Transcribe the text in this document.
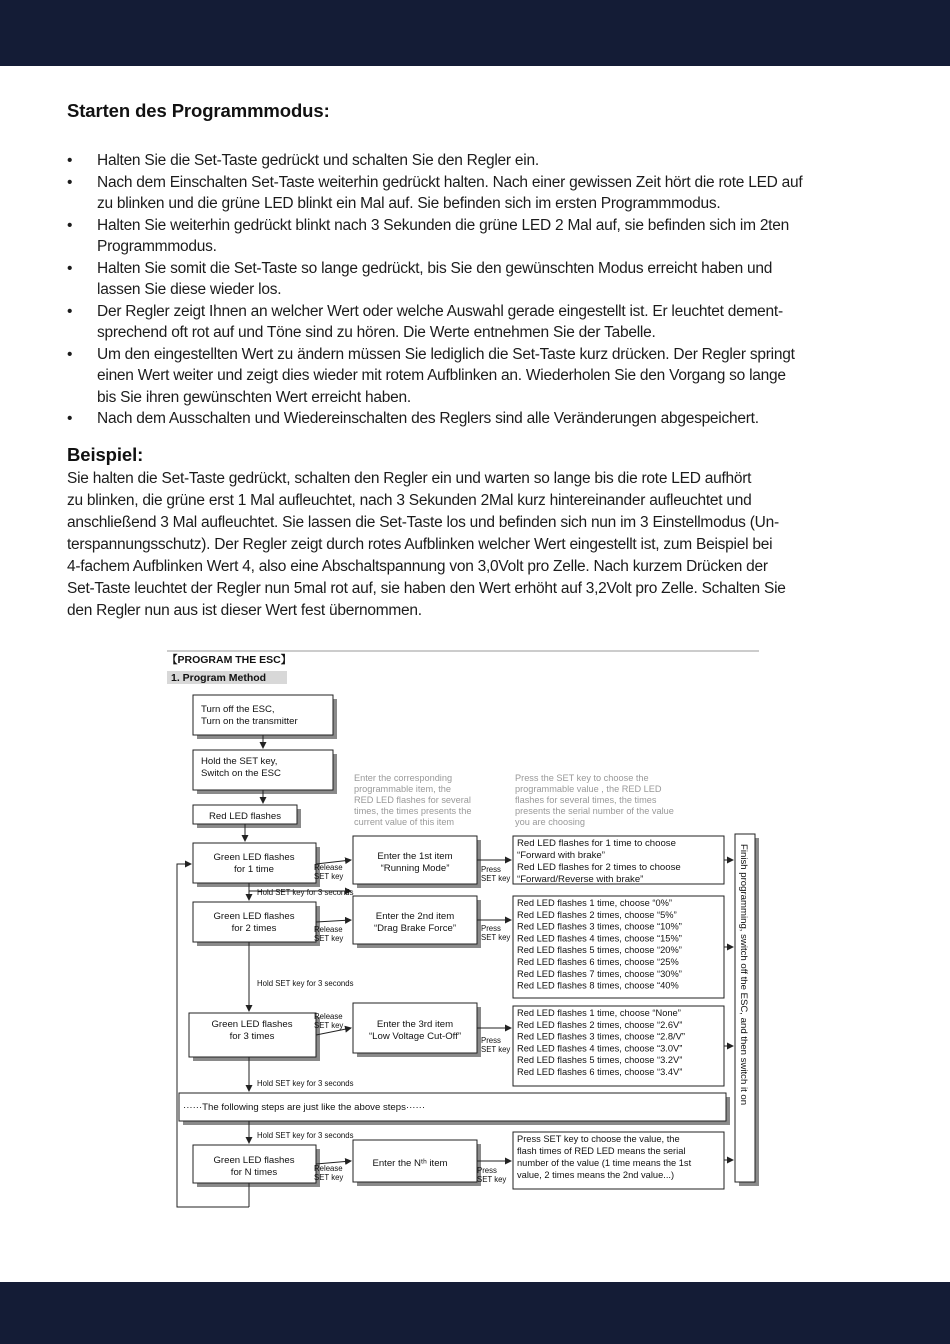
Starten des Programmmodus:
• Halten Sie die Set-Taste gedrückt und schalten Sie den Regler ein.
• Nach dem Einschalten Set-Taste weiterhin gedrückt halten. Nach einer gewissen Zeit hört die rote LED auf
zu blinken und die grüne LED blinkt ein Mal auf. Sie befinden sich im ersten Programmmodus.
• Halten Sie weiterhin gedrückt blinkt nach 3 Sekunden die grüne LED 2 Mal auf, sie befinden sich im 2ten
Programmmodus.
• Halten Sie somit die Set-Taste so lange gedrückt, bis Sie den gewünschten Modus erreicht haben und
lassen Sie diese wieder los.
• Der Regler zeigt Ihnen an welcher Wert oder welche Auswahl gerade eingestellt ist. Er leuchtet dement-
sprechend oft rot auf und Töne sind zu hören. Die Werte entnehmen Sie der Tabelle.
• Um den eingestellten Wert zu ändern müssen Sie lediglich die Set-Taste kurz drücken. Der Regler springt
einen Wert weiter und zeigt dies wieder mit rotem Aufblinken an. Wiederholen Sie den Vorgang so lange
bis Sie ihren gewünschten Wert erreicht haben.
• Nach dem Ausschalten und Wiedereinschalten des Reglers sind alle Veränderungen abgespeichert.
Beispiel:
Sie halten die Set-Taste gedrückt, schalten den Regler ein und warten so lange bis die rote LED aufhört
zu blinken, die grüne erst 1 Mal aufleuchtet, nach 3 Sekunden 2Mal kurz hintereinander aufleuchtet und
anschließend 3 Mal aufleuchtet. Sie lassen die Set-Taste los und befinden sich nun im 3 Einstellmodus (Un-
terspannungsschutz). Der Regler zeigt durch rotes Aufblinken welcher Wert eingestellt ist, zum Beispiel bei
4-fachem Aufblinken Wert 4, also eine Abschaltspannung von 3,0Volt pro Zelle. Nach kurzem Drücken der
Set-Taste leuchtet der Regler nun 5mal rot auf, sie haben den Wert erhöht auf 3,2Volt pro Zelle. Schalten Sie
den Regler nun aus ist dieser Wert fest übernommen.
【PROGRAM THE ESC】
1. Program Method
Finish programming, switch off the ESC, and then switch it on
Turn off the ESC,
Turn on the transmitter
Hold the SET key,
Switch on the ESC
Red LED flashes
Enter the corresponding
programmable item, the
RED LED flashes for several
times, the times presents the
current value of this item
Press the SET key to choose the
programmable value , the RED LED
flashes for several times, the times
presents the serial number of the value
you are choosing
Green LED flashes
for 1 time
Green LED flashes
for 2 times
Green LED flashes
for 3 times
Green LED flashes
for N times
Enter the 1st item
“Running Mode”
Enter the 2nd item
“Drag Brake Force”
Enter the 3rd item
“Low Voltage Cut-Off”
Enter the Nᵗʰ item
Red LED flashes for 1 time to choose
“Forward with brake”
Red LED flashes for 2 times to choose
“Forward/Reverse with brake”
Red LED flashes 1 time, choose “0%”
Red LED flashes 2 times, choose “5%”
Red LED flashes 3 times, choose “10%”
Red LED flashes 4 times, choose “15%”
Red LED flashes 5 times, choose “20%”
Red LED flashes 6 times, choose “25%
Red LED flashes 7 times, choose “30%”
Red LED flashes 8 times, choose “40%
Red LED flashes 1 time, choose “None”
Red LED flashes 2 times, choose “2.6V”
Red LED flashes 3 times, choose “2.8/V”
Red LED flashes 4 times, choose “3.0V”
Red LED flashes 5 times, choose “3.2V”
Red LED flashes 6 times, choose “3.4V”
Press SET key to choose the value, the
flash times of RED LED means the serial
number of the value (1 time means the 1st
value, 2 times means the 2nd value...)
······The following steps are just like the above steps······
Release
SET key
Release
SET key
Release
SET key
Release
SET key
Press
SET key
Press
SET key
Press
SET key
Press
SET key
Hold SET key for 3 seconds
Hold SET key for 3 seconds
Hold SET key for 3 seconds
Hold SET key for 3 seconds
